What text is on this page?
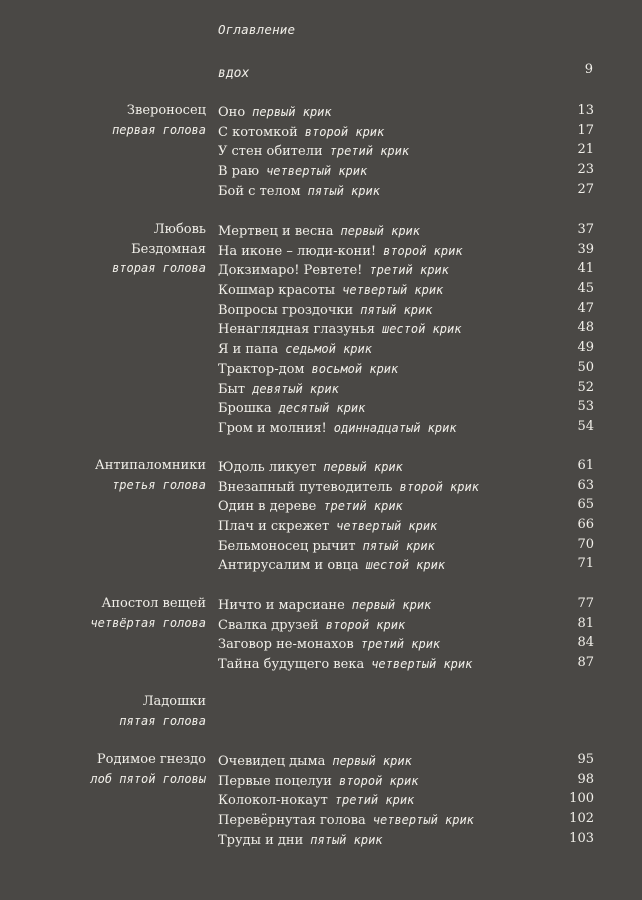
Оглавление
вдох	9
Звероносец
первая голова
Оно первый крик	13
С котомкой второй крик	17
У стен обители третий крик	21
В раю четвертый крик	23
Бой с телом пятый крик	27
Любовь
Бездомная
вторая голова
Мертвец и весна первый крик	37
На иконе – люди-кони! второй крик	39
Докзимаро! Ревтете! третий крик	41
Кошмар красоты четвертый крик	45
Вопросы гроздочки пятый крик	47
Ненаглядная глазунья шестой крик	48
Я и папа седьмой крик	49
Трактор-дом восьмой крик	50
Быт девятый крик	52
Брошка десятый крик	53
Гром и молния! одиннадцатый крик	54
Антипаломники
третья голова
Юдоль ликует первый крик	61
Внезапный путеводитель второй крик	63
Один в дереве третий крик	65
Плач и скрежет четвертый крик	66
Бельмоносец рычит пятый крик	70
Антирусалим и овца шестой крик	71
Апостол вещей
четвёртая голова
Ничто и марсиане первый крик	77
Свалка друзей второй крик	81
Заговор не-монахов третий крик	84
Тайна будущего века четвертый крик	87
Ладошки
пятая голова
Родимое гнездо
лоб пятой головы
Очевидец дыма первый крик	95
Первые поцелуи второй крик	98
Колокол-нокаут третий крик	100
Перевёрнутая голова четвертый крик	102
Труды и дни пятый крик	103
